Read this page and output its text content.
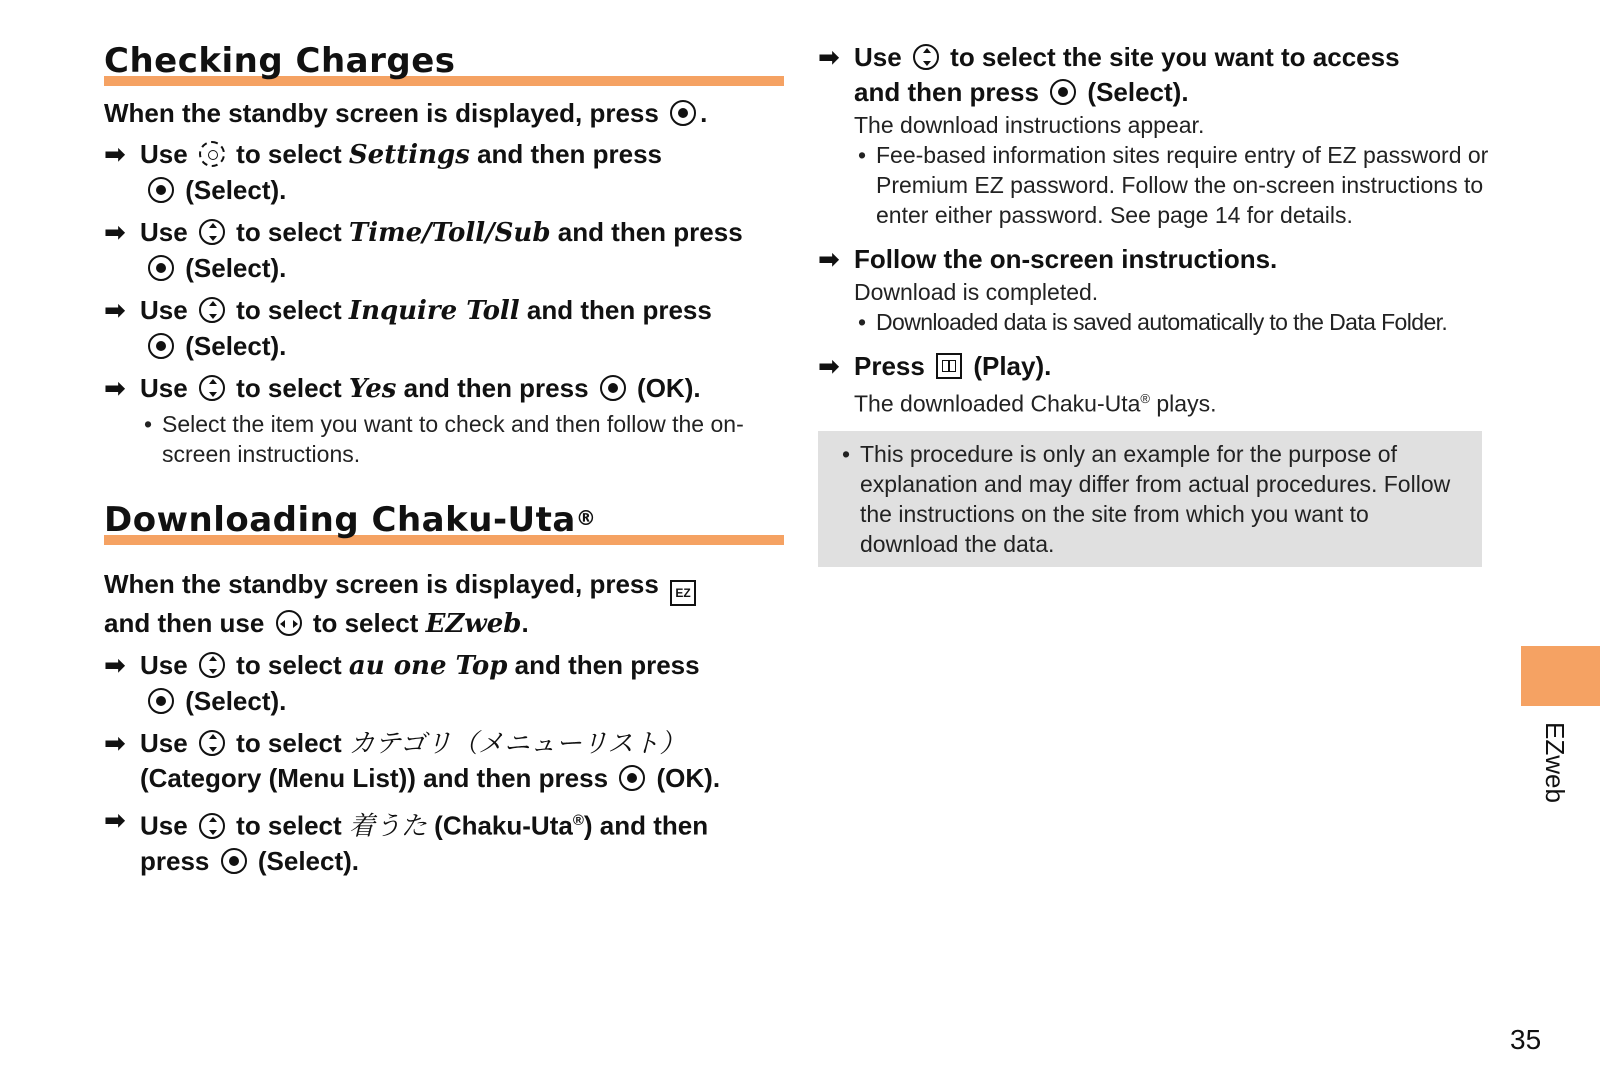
Checking Charges

When the standby screen is displayed, press .

➡ Use to select Settings and then press
(Select).
➡ Use to select Time/Toll/Sub and then press
(Select).
➡ Use to select Inquire Toll and then press
(Select).
➡ Use to select Yes and then press (OK).

• Select the item you want to check and then follow the on-screen instructions.

Downloading Chaku-Uta®

When the standby screen is displayed, press EZ
and then use to select EZweb.

➡ Use to select au one Top and then press
(Select).
➡ Use to select カテゴリ（メニューリスト）
(Category (Menu List)) and then press (OK).
➡ Use to select 着うた (Chaku-Uta®) and then
press (Select).
➡ Use to select the site you want to access
and then press (Select).

The download instructions appear.

• Fee-based information sites require entry of EZ password or Premium EZ password. Follow the on-screen instructions to enter either password. See page 14 for details.

➡ Follow the on-screen instructions.

Download is completed.

• Downloaded data is saved automatically to the Data Folder.

➡ Press (Play).

The downloaded Chaku-Uta® plays.

• This procedure is only an example for the purpose of explanation and may differ from actual procedures. Follow the instructions on the site from which you want to download the data.

EZweb
35
